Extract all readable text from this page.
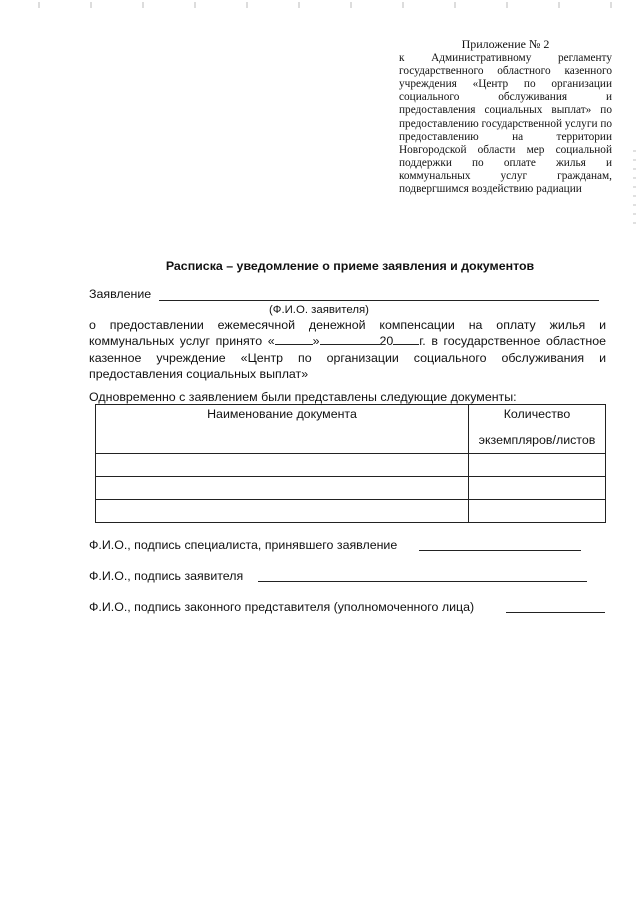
Приложение № 2

к Административному регламенту государственного областного казенного учреждения «Центр по организации социального обслуживания и предоставления социальных выплат» по предоставлению государственной услуги по предоставлению на территории Новгородской области мер социальной поддержки по оплате жилья и коммунальных услуг гражданам, подвергшимся воздействию радиации

Расписка – уведомление о приеме заявления и документов
Заявление
(Ф.И.О. заявителя)
о предоставлении ежемесячной денежной компенсации на оплату жилья и коммунальных услуг принято «	»	20 г. в государственное областное казенное учреждение «Центр по организации социального обслуживания и предоставления социальных выплат»
Одновременно с заявлением были представлены следующие документы:
Наименование документа	Количество
экземпляров/листов

Ф.И.О., подпись специалиста, принявшего заявление
Ф.И.О., подпись заявителя
Ф.И.О., подпись законного представителя (уполномоченного лица)
